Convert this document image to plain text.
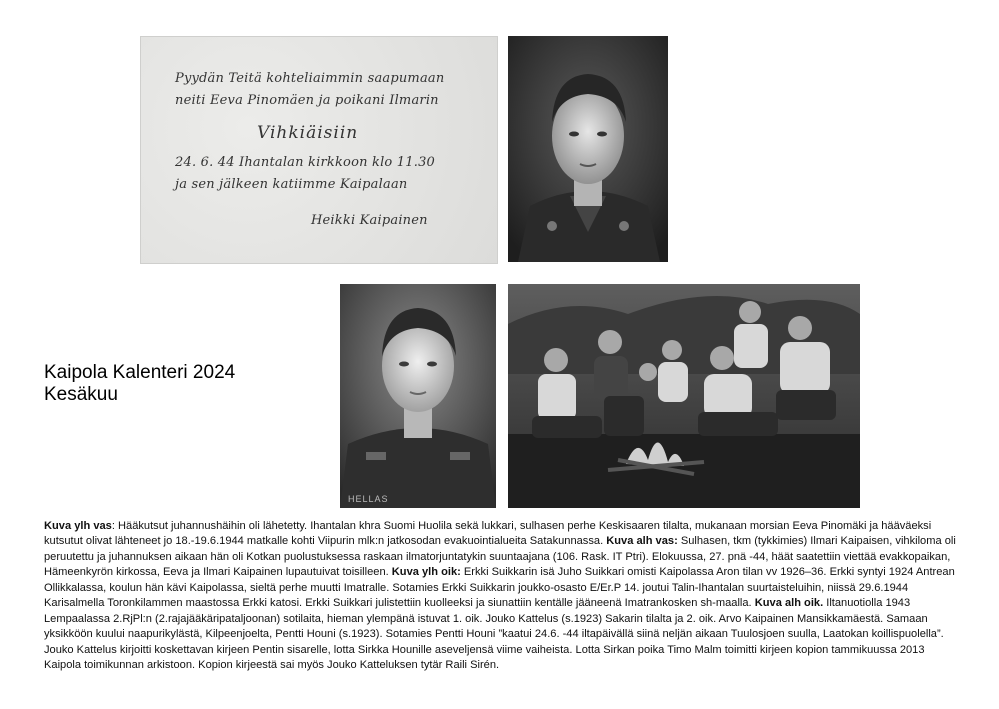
Pyydän Teitä kohteliaimmin saapumaan
neiti Eeva Pinomäen ja poikani Ilmarin
Vihkiäisiin
24. 6. 44 Ihantalan kirkkoon klo 11.30
ja sen jälkeen katiimme Kaipalaan
Heikki Kaipainen
HELLAS
Kaipola Kalenteri 2024
Kesäkuu
Kuva ylh vas: Hääkutsut juhannushäihin oli lähetetty. Ihantalan khra Suomi Huolila sekä lukkari, sulhasen perhe Keskisaaren tilalta, mukanaan morsian Eeva Pinomäki ja hääväeksi kutsutut olivat lähteneet jo 18.-19.6.1944 matkalle kohti Viipurin mlk:n jatkosodan evakuointialueita Satakunnassa. Kuva alh vas: Sulhasen, tkm (tykkimies) Ilmari Kaipaisen, vihkiloma oli peruutettu ja juhannuksen aikaan hän oli Kotkan puolustuksessa raskaan ilmatorjuntatykin suuntaajana (106. Rask. IT Ptri). Elokuussa, 27. pnä -44, häät saatettiin viettää evakkopaikan, Hämeenkyrön kirkossa, Eeva ja Ilmari Kaipainen lupautuivat toisilleen. Kuva ylh oik: Erkki Suikkarin isä Juho Suikkari omisti Kaipolassa Aron tilan vv 1926–36. Erkki syntyi 1924 Antrean Ollikkalassa, koulun hän kävi Kaipolassa, sieltä perhe muutti Imatralle. Sotamies Erkki Suikkarin joukko-osasto E/Er.P 14. joutui Talin-Ihantalan suurtaisteluihin, niissä 29.6.1944 Karisalmella Toronkilammen maastossa Erkki katosi. Erkki Suikkari julistettiin kuolleeksi ja siunattiin kentälle jääneenä Imatrankosken sh-maalla. Kuva alh oik. Iltanuotiolla 1943 Lempaalassa 2.RjPl:n (2.rajajääkäripataljoonan) sotilaita, hieman ylempänä istuvat 1. oik. Jouko Kattelus (s.1923) Sakarin tilalta ja 2. oik. Arvo Kaipainen Mansikkamäestä. Samaan yksikköön kuului naapurikylästä, Kilpeenjoelta, Pentti Houni (s.1923). Sotamies Pentti Houni ”kaatui 24.6. -44 iltapäivällä siinä neljän aikaan Tuulosjoen suulla, Laatokan koillispuolella”. Jouko Kattelus kirjoitti koskettavan kirjeen Pentin sisarelle, lotta Sirkka Hounille aseveljensä viime vaiheista. Lotta Sirkan poika Timo Malm toimitti kirjeen kopion tammikuussa 2013 Kaipola toimikunnan arkistoon. Kopion kirjeestä sai myös Jouko Katteluksen tytär Raili Sirén.
